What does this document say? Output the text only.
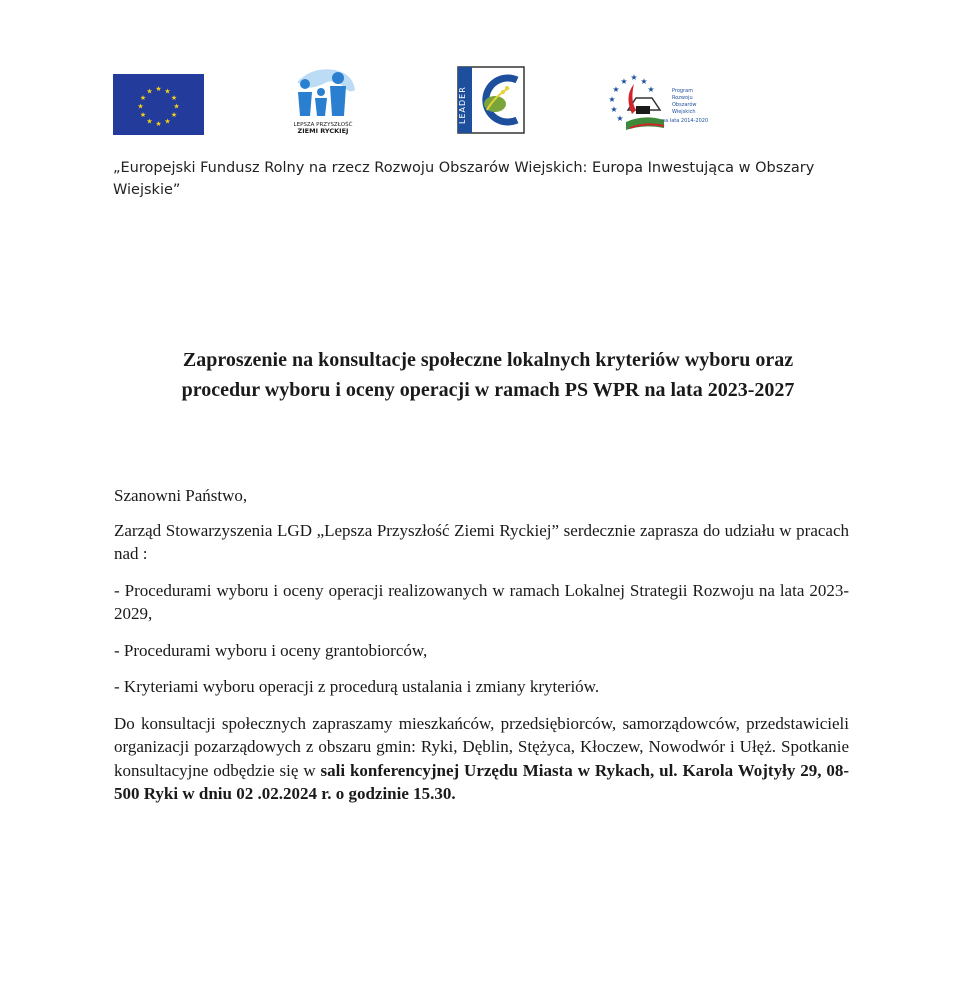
★ ★
★
★
★
★
★
★
★
★
★
★
LEPSZA PRZYSZŁOŚĆ
ZIEMI RYCKIEJ
LEADER
★ ★
★
★
★
★
★
★
Program
Rozwoju
Obszarów
Wiejskich
na lata 2014-2020
„Europejski Fundusz Rolny na rzecz Rozwoju Obszarów Wiejskich: Europa Inwestująca w Obszary Wiejskie”
Zaproszenie na konsultacje społeczne lokalnych kryteriów wyboru oraz
procedur wyboru i oceny operacji w ramach PS WPR na lata 2023-2027

Szanowni Państwo,

Zarząd Stowarzyszenia LGD „Lepsza Przyszłość Ziemi Ryckiej” serdecznie zaprasza do udziału w pracach nad :

- Procedurami wyboru i oceny operacji realizowanych w ramach Lokalnej Strategii Rozwoju na lata 2023-2029,

- Procedurami wyboru i oceny grantobiorców,

- Kryteriami wyboru operacji z procedurą ustalania i zmiany kryteriów.

Do konsultacji społecznych zapraszamy mieszkańców, przedsiębiorców, samorządowców, przedstawicieli organizacji pozarządowych z obszaru gmin: Ryki, Dęblin, Stężyca, Kłoczew, Nowodwór i Ułęż. Spotkanie konsultacyjne odbędzie się w sali konferencyjnej Urzędu Miasta w Rykach, ul. Karola Wojtyły 29, 08-500 Ryki w dniu 02 .02.2024 r. o godzinie 15.30.
